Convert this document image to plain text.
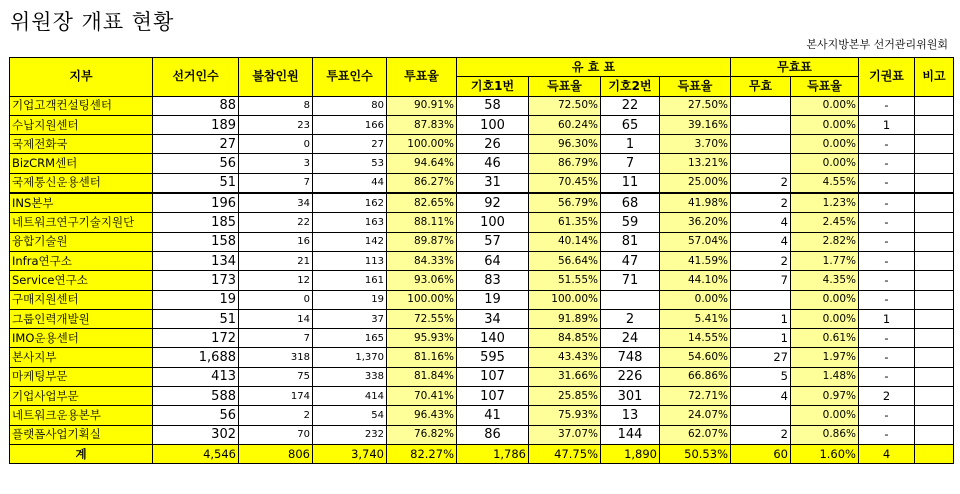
위원장 개표 현황
본사지방본부 선거관리위원회
지부	선거인수	불참인원	투표인수	투표율	유 효 표				무효표		기권표	비고
					기호1번	득표율	기호2번	득표율	무효	득표율		
기업고객컨설팅센터	88	8	80	90.91%	58	72.50%	22	27.50%		0.00%	-	
수납지원센터	189	23	166	87.83%	100	60.24%	65	39.16%		0.00%	1	
국제전화국	27	0	27	100.00%	26	96.30%	1	3.70%		0.00%	-	
BizCRM센터	56	3	53	94.64%	46	86.79%	7	13.21%		0.00%	-	
국제통신운용센터	51	7	44	86.27%	31	70.45%	11	25.00%	2	4.55%	-	
INS본부	196	34	162	82.65%	92	56.79%	68	41.98%	2	1.23%	-	
네트워크연구기술지원단	185	22	163	88.11%	100	61.35%	59	36.20%	4	2.45%	-	
융합기술원	158	16	142	89.87%	57	40.14%	81	57.04%	4	2.82%	-	
Infra연구소	134	21	113	84.33%	64	56.64%	47	41.59%	2	1.77%	-	
Service연구소	173	12	161	93.06%	83	51.55%	71	44.10%	7	4.35%	-	
구매지원센터	19	0	19	100.00%	19	100.00%		0.00%		0.00%	-	
그룹인력개발원	51	14	37	72.55%	34	91.89%	2	5.41%	1	0.00%	1	
IMO운용센터	172	7	165	95.93%	140	84.85%	24	14.55%	1	0.61%	-	
본사지부	1,688	318	1,370	81.16%	595	43.43%	748	54.60%	27	1.97%	-	
마케팅부문	413	75	338	81.84%	107	31.66%	226	66.86%	5	1.48%	-	
기업사업부문	588	174	414	70.41%	107	25.85%	301	72.71%	4	0.97%	2	
네트워크운용본부	56	2	54	96.43%	41	75.93%	13	24.07%		0.00%	-	
플랫폼사업기획실	302	70	232	76.82%	86	37.07%	144	62.07%	2	0.86%	-	
계	4,546	806	3,740	82.27%	1,786	47.75%	1,890	50.53%	60	1.60%	4	
